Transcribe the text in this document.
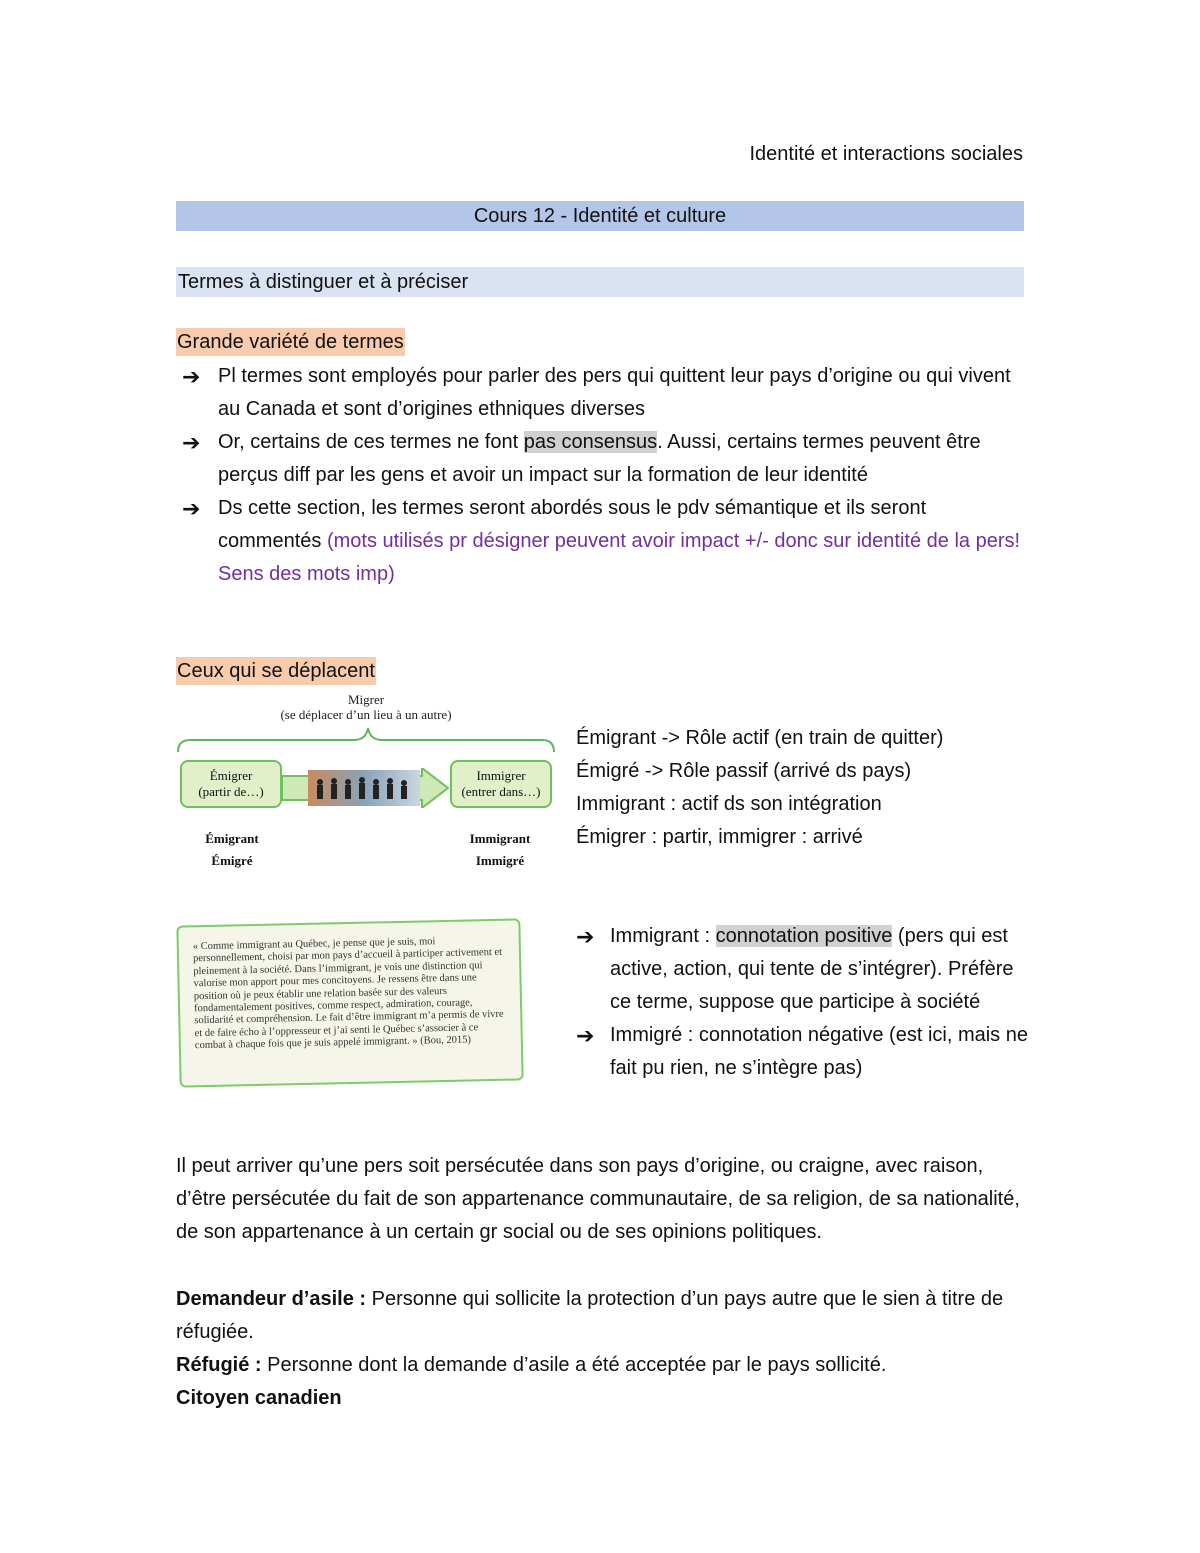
Identité et interactions sociales
Cours 12 - Identité et culture
Termes à distinguer et à préciser
Grande variété de termes
➔ Pl termes sont employés pour parler des pers qui quittent leur pays d’origine ou qui vivent au Canada et sont d’origines ethniques diverses
➔ Or, certains de ces termes ne font pas consensus. Aussi, certains termes peuvent être perçus diff par les gens et avoir un impact sur la formation de leur identité
➔ Ds cette section, les termes seront abordés sous le pdv sémantique et ils seront commentés (mots utilisés pr désigner peuvent avoir impact +/- donc sur identité de la pers! Sens des mots imp)
Ceux qui se déplacent
Migrer
(se déplacer d’un lieu à un autre)
Émigrer
(partir de…)
Immigrer
(entrer dans…)
Émigrant
Émigré
Immigrant
Immigré
Émigrant -> Rôle actif (en train de quitter)
Émigré -> Rôle passif (arrivé ds pays)
Immigrant : actif ds son intégration
Émigrer : partir, immigrer : arrivé
« Comme immigrant au Québec, je pense que je suis, moi personnellement, choisi par mon pays d’accueil à participer activement et pleinement à la société. Dans l’immigrant, je vois une distinction qui valorise mon apport pour mes concitoyens. Je ressens être dans une position où je peux établir une relation basée sur des valeurs fondamentalement positives, comme respect, admiration, courage, solidarité et compréhension. Le fait d’être immigrant m’a permis de vivre et de faire écho à l’oppresseur et j’ai senti le Québec s’associer à ce combat à chaque fois que je suis appelé immigrant. » (Bou, 2015)
➔ Immigrant : connotation positive (pers qui est active, action, qui tente de s’intégrer). Préfère ce terme, suppose que participe à société
➔ Immigré : connotation négative (est ici, mais ne fait pu rien, ne s’intègre pas)
Il peut arriver qu’une pers soit persécutée dans son pays d’origine, ou craigne, avec raison, d’être persécutée du fait de son appartenance communautaire, de sa religion, de sa nationalité, de son appartenance à un certain gr social ou de ses opinions politiques.
Demandeur d’asile : Personne qui sollicite la protection d’un pays autre que le sien à titre de réfugiée.
Réfugié : Personne dont la demande d’asile a été acceptée par le pays sollicité.
Citoyen canadien
